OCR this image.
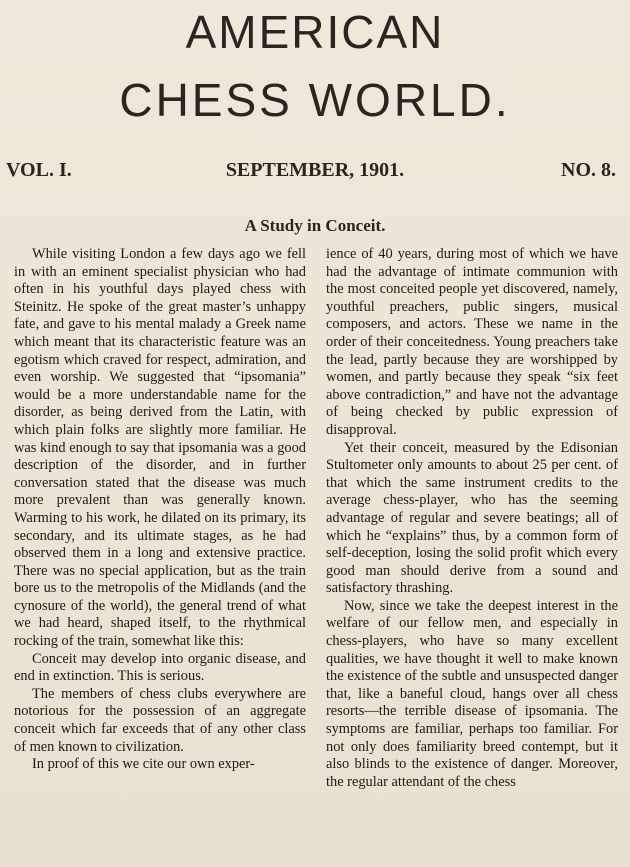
AMERICAN
CHESS WORLD.
VOL. I.	SEPTEMBER, 1901.	NO. 8.
A Study in Conceit.

While visiting London a few days ago we fell in with an eminent specialist physician who had often in his youthful days played chess with Steinitz. He spoke of the great master’s unhappy fate, and gave to his mental malady a Greek name which meant that its characteristic feature was an egotism which craved for respect, admiration, and even worship. We suggested that “ipsomania” would be a more understandable name for the disorder, as being derived from the Latin, with which plain folks are slightly more familiar. He was kind enough to say that ipsomania was a good description of the disorder, and in further conversation stated that the disease was much more prevalent than was generally known. Warming to his work, he dilated on its primary, its secondary, and its ultimate stages, as he had observed them in a long and extensive practice. There was no special application, but as the train bore us to the metropolis of the Midlands (and the cynosure of the world), the general trend of what we had heard, shaped itself, to the rhythmical rocking of the train, somewhat like this:

Conceit may develop into organic disease, and end in extinction. This is serious.

The members of chess clubs everywhere are notorious for the possession of an aggregate conceit which far exceeds that of any other class of men known to civilization.

In proof of this we cite our own exper-

ience of 40 years, during most of which we have had the advantage of intimate communion with the most conceited people yet discovered, namely, youthful preachers, public singers, musical composers, and actors. These we name in the order of their conceitedness. Young preachers take the lead, partly because they are worshipped by women, and partly because they speak “six feet above contradiction,” and have not the advantage of being checked by public expression of disapproval.

Yet their conceit, measured by the Edisonian Stultometer only amounts to about 25 per cent. of that which the same instrument credits to the average chess-player, who has the seeming advantage of regular and severe beatings; all of which he “explains” thus, by a common form of self-deception, losing the solid profit which every good man should derive from a sound and satisfactory thrashing.

Now, since we take the deepest interest in the welfare of our fellow men, and especially in chess-players, who have so many excellent qualities, we have thought it well to make known the existence of the subtle and unsuspected danger that, like a baneful cloud, hangs over all chess resorts—the terrible disease of ipsomania. The symptoms are familiar, perhaps too familiar. For not only does familiarity breed contempt, but it also blinds to the existence of danger. Moreover, the regular attendant of the chess
